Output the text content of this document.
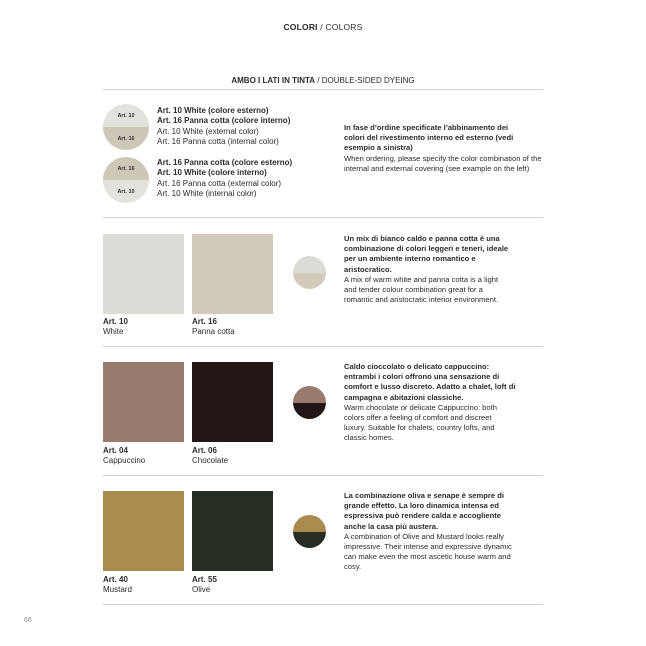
COLORI / COLORS
AMBO I LATI IN TINTA / DOUBLE-SIDED DYEING
Art. 10
Art. 16
Art. 10 White (colore esterno)
Art. 16 Panna cotta (colore interno)
Art. 10 White (external color)
Art. 16 Panna cotta (internal color)
Art. 16
Art. 10
Art. 16 Panna cotta (colore esterno)
Art. 10 White (colore interno)
Art. 16 Panna cotta (external color)
Art. 10 White (internal color)
In fase d’ordine specificate l’abbinamento dei colori del rivestimento interno ed esterno (vedi esempio a sinistra)
When ordering, please specify the color combination of the internal and external covering (see example on the left)
Art. 10
White
Art. 16
Panna cotta
Un mix di bianco caldo e panna cotta è una combinazione di colori leggeri e teneri, ideale per un ambiente interno romantico e aristocratico.
A mix of warm white and panna cotta is a light and tender colour combination great for a romantic and aristocratic interior environment.
Art. 04
Cappuccino
Art. 06
Chocolate
Caldo cioccolato o delicato cappuccino: entrambi i colori offrono una sensazione di comfort e lusso discreto. Adatto a chalet, loft di campagna e abitazioni classiche.
Warm chocolate or delicate Cappuccino: both colors offer a feeling of comfort and discreet luxury. Suitable for chalets, country lofts, and classic homes.
Art. 40
Mustard
Art. 55
Olive
La combinazione oliva e senape è sempre di grande effetto. La loro dinamica intensa ed espressiva può rendere calda e accogliente anche la casa più austera.
A combination of Olive and Mustard looks really impressive. Their intense and expressive dynamic can make even the most ascetic house warm and cosy.
66
